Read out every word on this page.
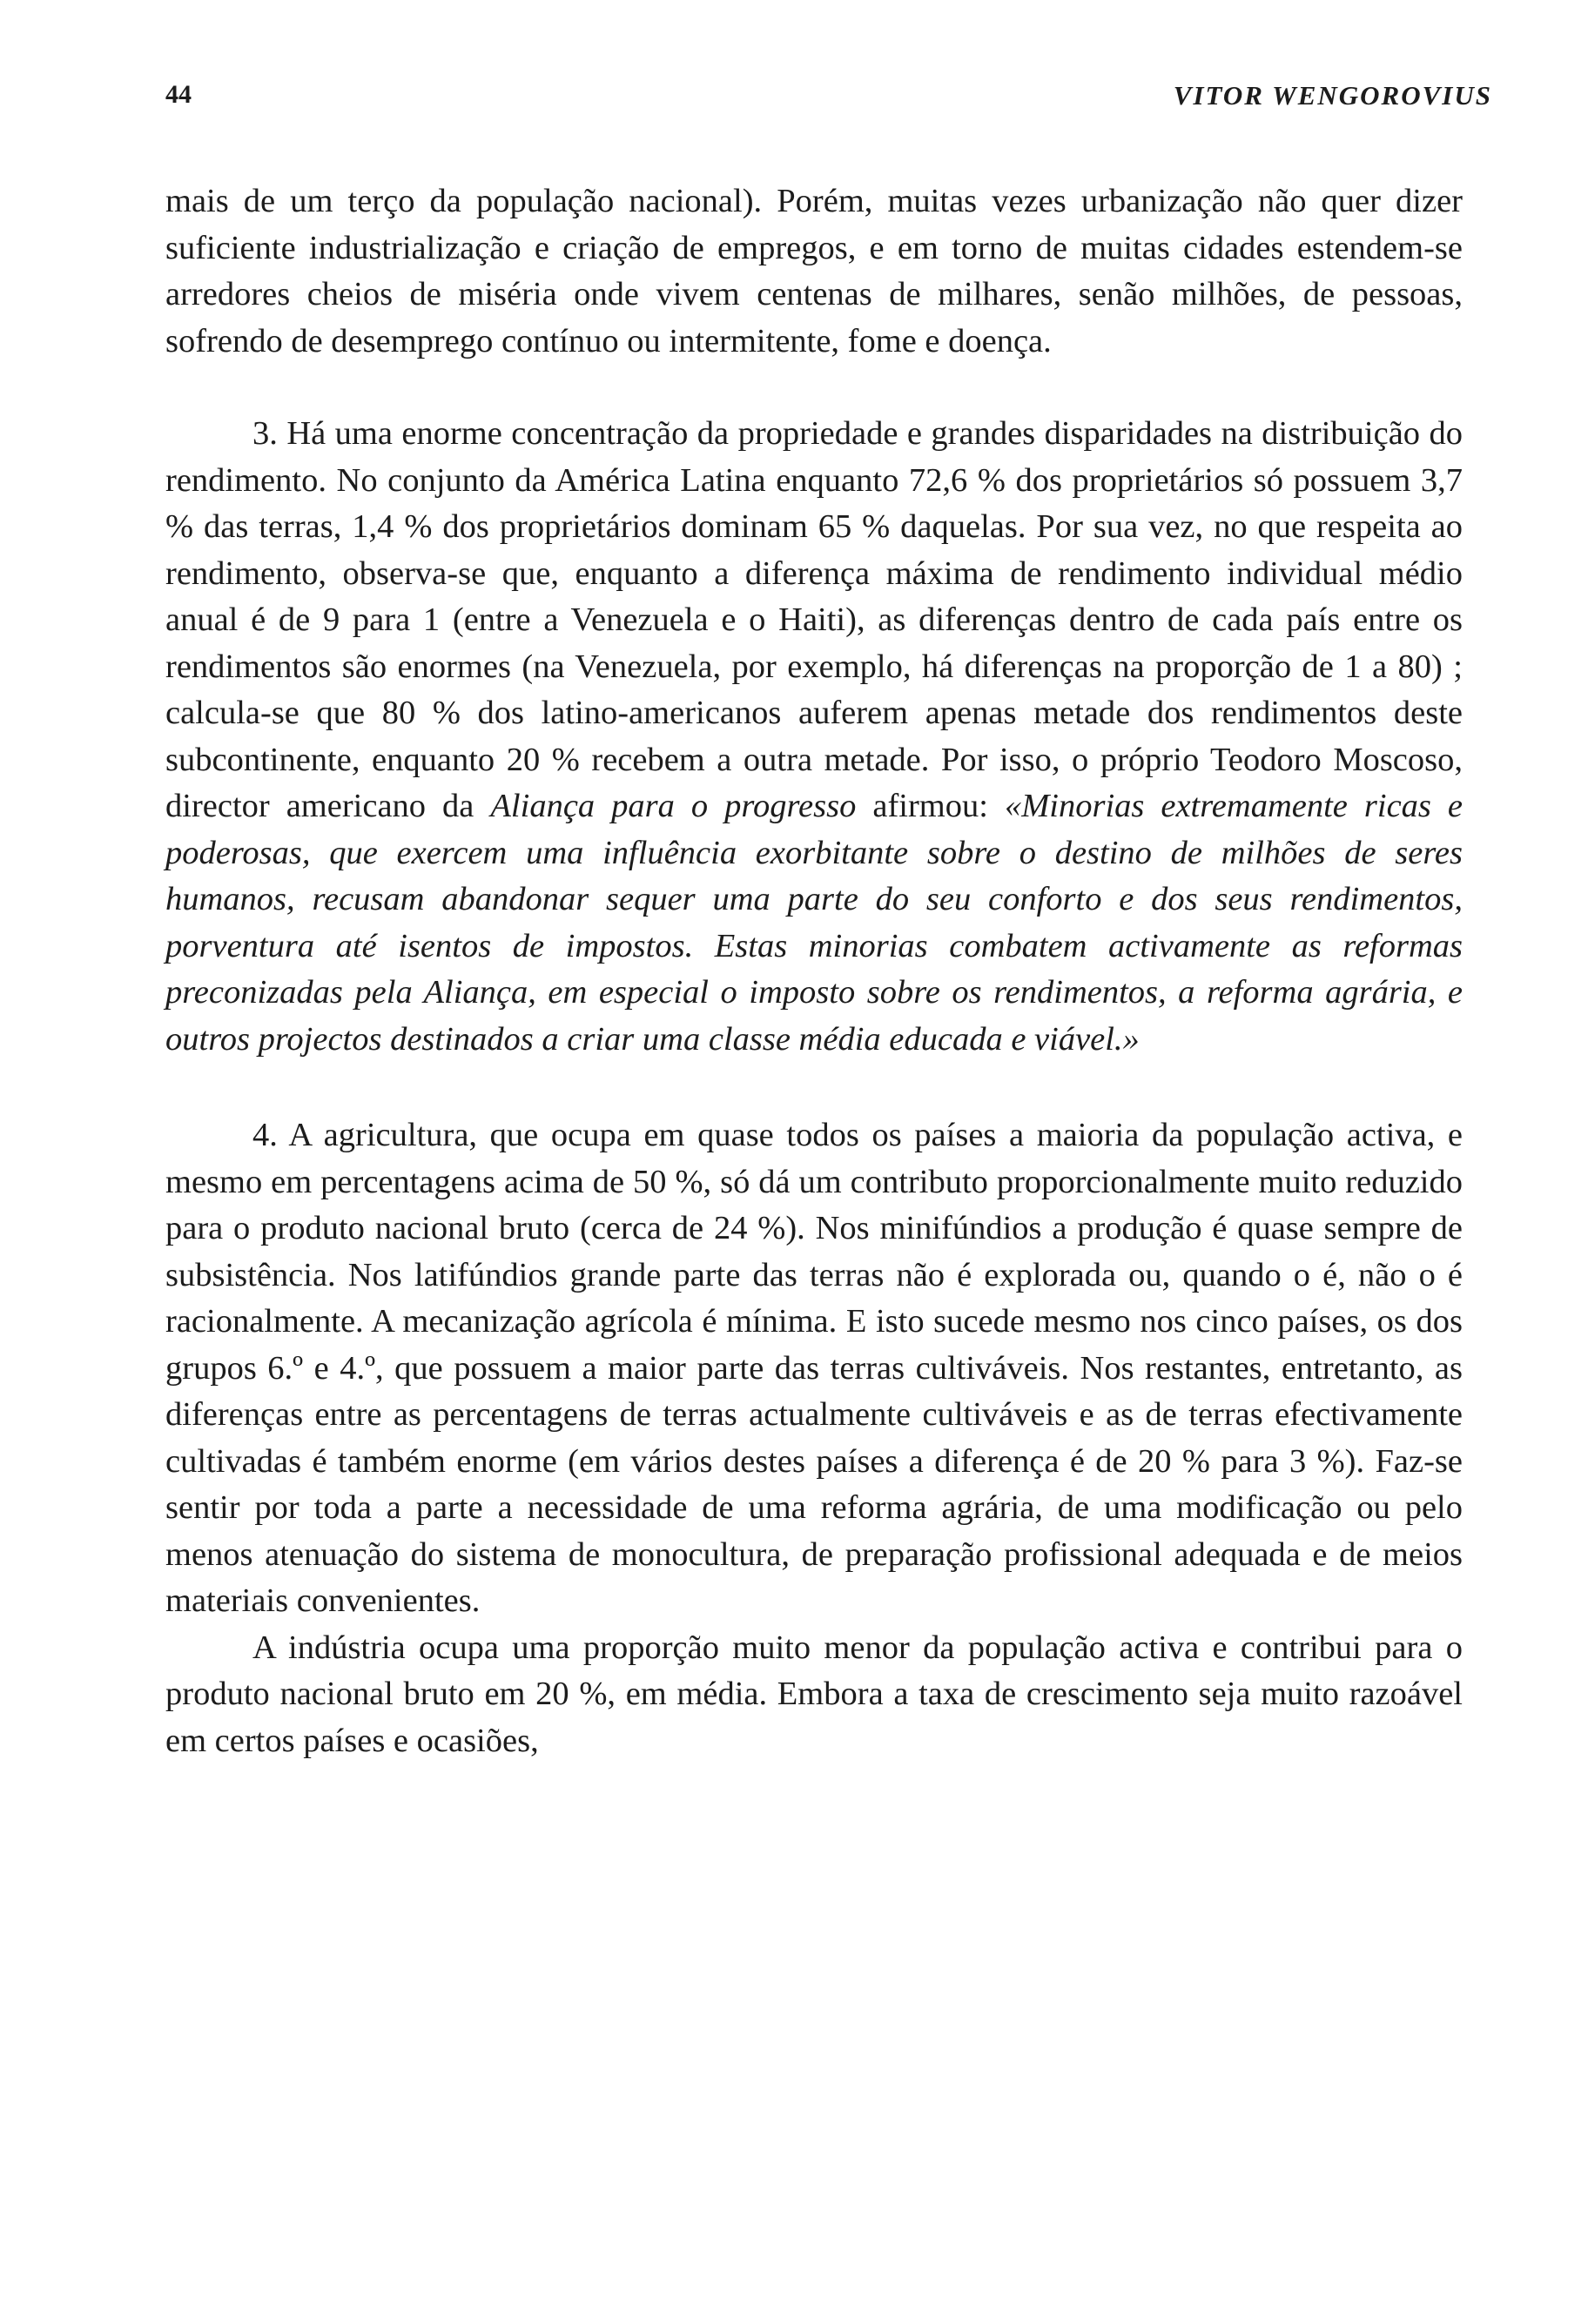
44	VITOR WENGOROVIUS

mais de um terço da população nacional). Porém, muitas vezes urbanização não quer dizer suficiente industrialização e criação de empregos, e em torno de muitas cidades estendem-se arredores cheios de miséria onde vivem centenas de milhares, senão milhões, de pessoas, sofrendo de desemprego contínuo ou intermitente, fome e doença.

3. Há uma enorme concentração da propriedade e grandes disparidades na distribuição do rendimento. No conjunto da América Latina enquanto 72,6 % dos proprietários só possuem 3,7 % das terras, 1,4 % dos proprietários dominam 65 % daquelas. Por sua vez, no que respeita ao rendimento, observa-se que, enquanto a diferença máxima de rendimento individual médio anual é de 9 para 1 (entre a Venezuela e o Haiti), as diferenças dentro de cada país entre os rendimentos são enormes (na Venezuela, por exemplo, há diferenças na proporção de 1 a 80) ; calcula-se que 80 % dos latino-americanos auferem apenas metade dos rendimentos deste subcontinente, enquanto 20 % recebem a outra metade. Por isso, o próprio Teodoro Moscoso, director americano da Aliança para o progresso afirmou: «Minorias extremamente ricas e poderosas, que exercem uma influência exorbitante sobre o destino de milhões de seres humanos, recusam abandonar sequer uma parte do seu conforto e dos seus rendimentos, porventura até isentos de impostos. Estas minorias combatem activamente as reformas preconizadas pela Aliança, em especial o imposto sobre os rendimentos, a reforma agrária, e outros projectos destinados a criar uma classe média educada e viável.»

4. A agricultura, que ocupa em quase todos os países a maioria da população activa, e mesmo em percentagens acima de 50 %, só dá um contributo proporcionalmente muito reduzido para o produto nacional bruto (cerca de 24 %). Nos minifúndios a produção é quase sempre de subsistência. Nos latifúndios grande parte das terras não é explorada ou, quando o é, não o é racionalmente. A mecanização agrícola é mínima. E isto sucede mesmo nos cinco países, os dos grupos 6.º e 4.º, que possuem a maior parte das terras cultiváveis. Nos restantes, entretanto, as diferenças entre as percentagens de terras actualmente cultiváveis e as de terras efectivamente cultivadas é também enorme (em vários destes países a diferença é de 20 % para 3 %). Faz-se sentir por toda a parte a necessidade de uma reforma agrária, de uma modificação ou pelo menos atenuação do sistema de monocultura, de preparação profissional adequada e de meios materiais convenientes.

A indústria ocupa uma proporção muito menor da população activa e contribui para o produto nacional bruto em 20 %, em média. Embora a taxa de crescimento seja muito razoável em certos países e ocasiões,
